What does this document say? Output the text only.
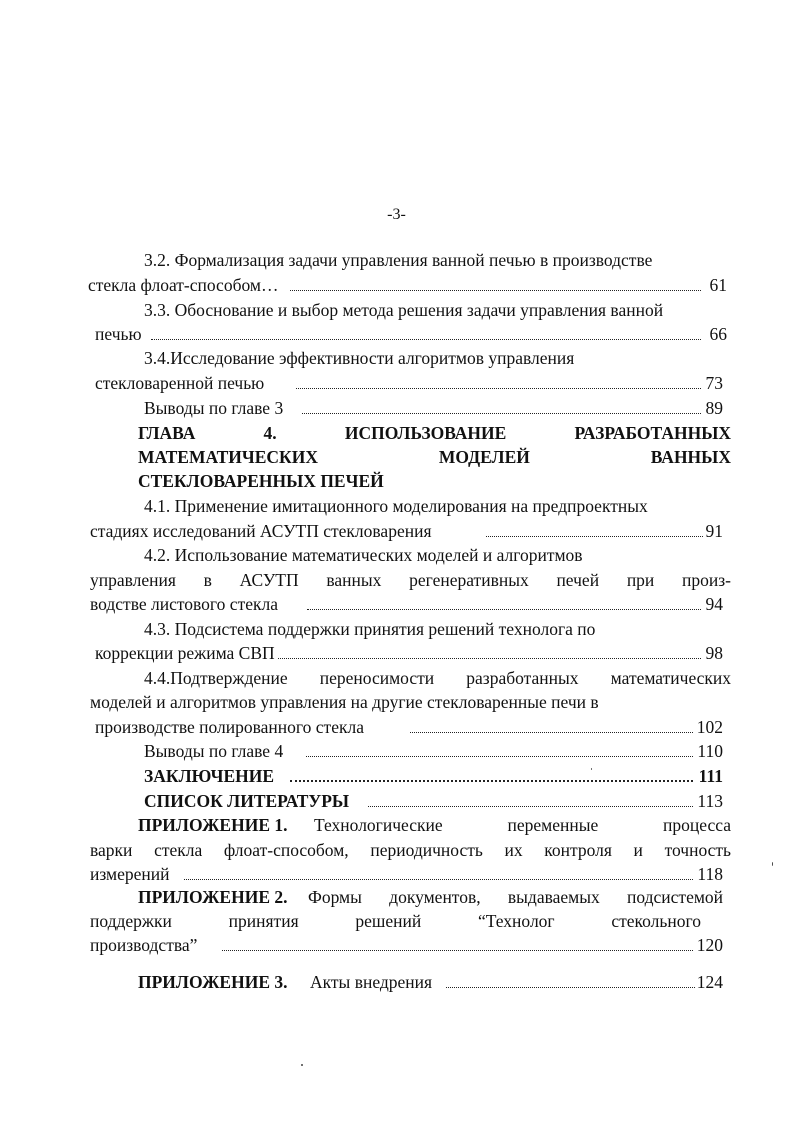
-3-
3.2. Формализация задачи управления ванной печью в производстве
стекла флоат-способом…	61
3.3. Обоснование и выбор метода решения задачи управления ванной
печью	66
3.4.Исследование эффективности алгоритмов управления
стекловаренной печью	73
Выводы по главе 3	89
ГЛАВА	4.	ИСПОЛЬЗОВАНИЕ	РАЗРАБОТАННЫХ
МАТЕМАТИЧЕСКИХ	МОДЕЛЕЙ	ВАННЫХ
СТЕКЛОВАРЕННЫХ ПЕЧЕЙ
4.1. Применение имитационного моделирования на предпроектных
стадиях исследований АСУТП стекловарения	91
4.2. Использование математических моделей и алгоритмов
управления в АСУТП ванных регенеративных печей при произ-
водстве листового стекла	94
4.3. Подсистема поддержки принятия решений технолога по
коррекции режима СВП	98
4.4.Подтверждение переносимости разработанных математических
моделей и алгоритмов управления на другие стекловаренные печи в
производстве полированного стекла	102
Выводы по главе 4	110
ЗАКЛЮЧЕНИЕ	111
СПИСОК ЛИТЕРАТУРЫ	113
ПРИЛОЖЕНИЕ 1. Технологические	переменные	процесса
варки стекла флоат-способом, периодичность их контроля и точность
измерений	118
ПРИЛОЖЕНИЕ 2. Формы документов, выдаваемых подсистемой
поддержки	принятия	решений	“Технолог	стекольного
производства”	120
ПРИЛОЖЕНИЕ 3. Акты внедрения	124
